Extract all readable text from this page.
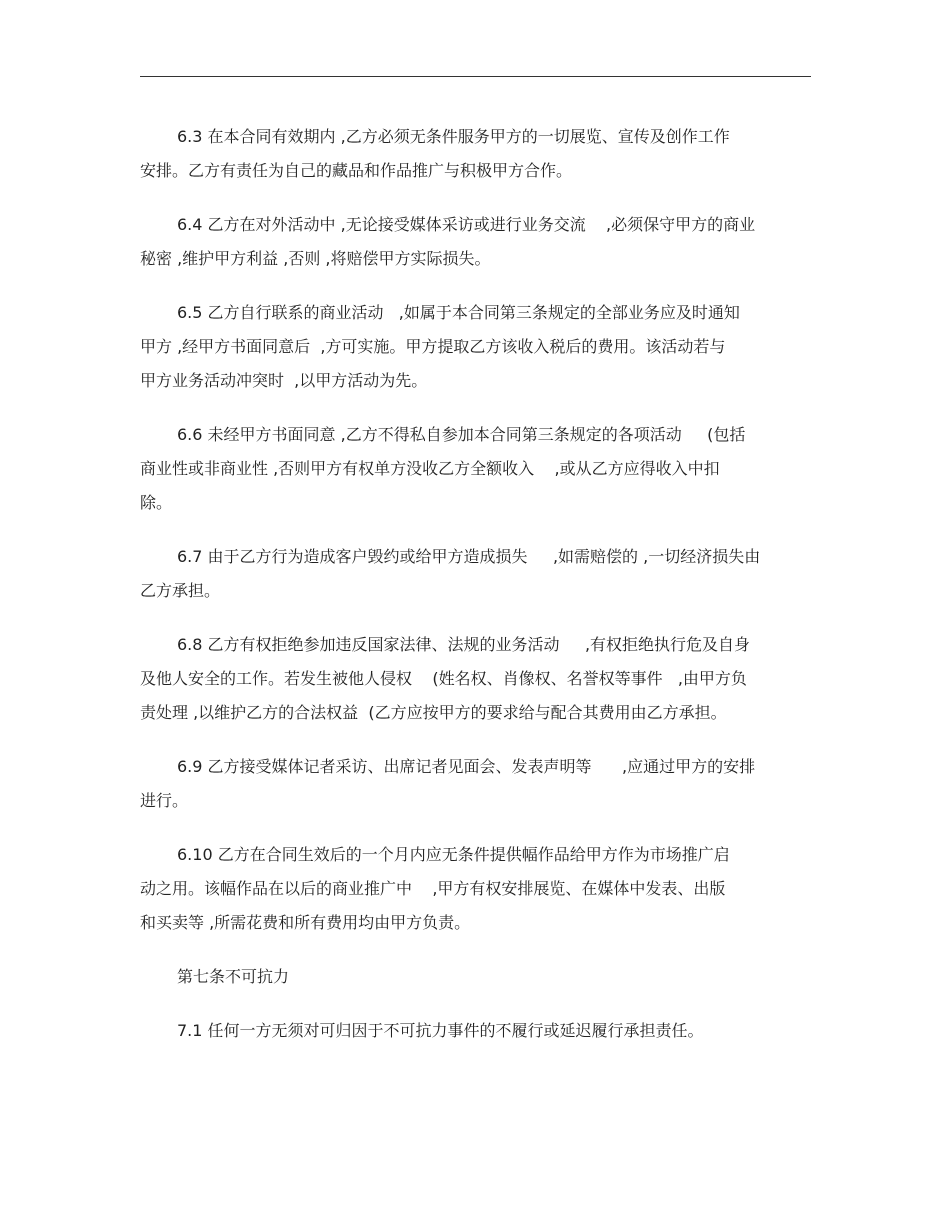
6.3 在本合同有效期内 ,乙方必须无条件服务甲方的一切展览、宣传及创作工作
安排。乙方有责任为自己的藏品和作品推广与积极甲方合作。
6.4 乙方在对外活动中 ,无论接受媒体采访或进行业务交流    ,必须保守甲方的商业
秘密 ,维护甲方利益 ,否则 ,将赔偿甲方实际损失。
6.5 乙方自行联系的商业活动   ,如属于本合同第三条规定的全部业务应及时通知
甲方 ,经甲方书面同意后  ,方可实施。甲方提取乙方该收入税后的费用。该活动若与
甲方业务活动冲突时  ,以甲方活动为先。
6.6 未经甲方书面同意 ,乙方不得私自参加本合同第三条规定的各项活动     (包括
商业性或非商业性 ,否则甲方有权单方没收乙方全额收入    ,或从乙方应得收入中扣
除。
6.7 由于乙方行为造成客户毁约或给甲方造成损失     ,如需赔偿的 ,一切经济损失由
乙方承担。
6.8 乙方有权拒绝参加违反国家法律、法规的业务活动     ,有权拒绝执行危及自身
及他人安全的工作。若发生被他人侵权    (姓名权、肖像权、名誉权等事件   ,由甲方负
责处理 ,以维护乙方的合法权益  (乙方应按甲方的要求给与配合其费用由乙方承担。
6.9 乙方接受媒体记者采访、出席记者见面会、发表声明等      ,应通过甲方的安排
进行。
6.10 乙方在合同生效后的一个月内应无条件提供幅作品给甲方作为市场推广启
动之用。该幅作品在以后的商业推广中    ,甲方有权安排展览、在媒体中发表、出版
和买卖等 ,所需花费和所有费用均由甲方负责。
第七条不可抗力
7.1 任何一方无须对可归因于不可抗力事件的不履行或延迟履行承担责任。
